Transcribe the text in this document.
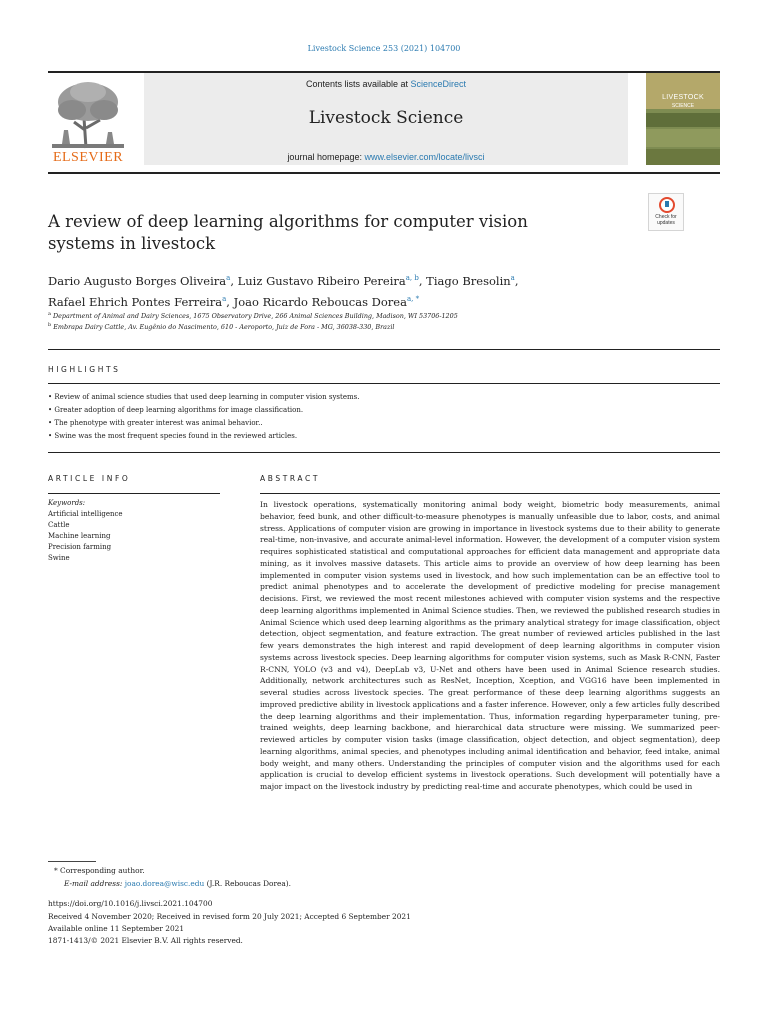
Livestock Science 253 (2021) 104700
ELSEVIER
Contents lists available at ScienceDirect
Livestock Science
journal homepage: www.elsevier.com/locate/livsci
LIVESTOCK
SCIENCE
A review of deep learning algorithms for computer vision systems in livestock
Check for updates
Dario Augusto Borges Oliveira$^a$, Luiz Gustavo Ribeiro Pereira$^{a, b}$, Tiago Bresolin$^a$,
Rafael Ehrich Pontes Ferreira$^a$, Joao Ricardo Reboucas Dorea$^{a, *}$
$^a$ Department of Animal and Dairy Sciences, 1675 Observatory Drive, 266 Animal Sciences Building, Madison, WI 53706-1205
$^b$ Embrapa Dairy Cattle, Av. Eugênio do Nascimento, 610 - Aeroporto, Juiz de Fora - MG, 36038-330, Brazil
HIGHLIGHTS
• Review of animal science studies that used deep learning in computer vision systems.
• Greater adoption of deep learning algorithms for image classification.
• The phenotype with greater interest was animal behavior..
• Swine was the most frequent species found in the reviewed articles.
ARTICLE INFO
Keywords:
Artificial intelligence
Cattle
Machine learning
Precision farming
Swine
ABSTRACT
In livestock operations, systematically monitoring animal body weight, biometric body measurements, animal behavior, feed bunk, and other difficult-to-measure phenotypes is manually unfeasible due to labor, costs, and animal stress. Applications of computer vision are growing in importance in livestock systems due to their ability to generate real-time, non-invasive, and accurate animal-level information. However, the development of a computer vision system requires sophisticated statistical and computational approaches for efficient data management and appropriate data mining, as it involves massive datasets. This article aims to provide an overview of how deep learning has been implemented in computer vision systems used in livestock, and how such implementation can be an effective tool to predict animal phenotypes and to accelerate the development of predictive modeling for precise management decisions. First, we reviewed the most recent milestones achieved with computer vision systems and the respective deep learning algorithms implemented in Animal Science studies. Then, we reviewed the published research studies in Animal Science which used deep learning algorithms as the primary analytical strategy for image classification, object detection, object segmentation, and feature extraction. The great number of reviewed articles published in the last few years demonstrates the high interest and rapid development of deep learning algorithms in computer vision systems across livestock species. Deep learning algorithms for computer vision systems, such as Mask R-CNN, Faster R-CNN, YOLO (v3 and v4), DeepLab v3, U-Net and others have been used in Animal Science research studies. Additionally, network architectures such as ResNet, Inception, Xception, and VGG16 have been implemented in several studies across livestock species. The great performance of these deep learning algorithms suggests an improved predictive ability in livestock applications and a faster inference. However, only a few articles fully described the deep learning algorithms and their implementation. Thus, information regarding hyperparameter tuning, pre-trained weights, deep learning backbone, and hierarchical data structure were missing. We summarized peer-reviewed articles by computer vision tasks (image classification, object detection, and object segmentation), deep learning algorithms, animal species, and phenotypes including animal identification and behavior, feed intake, animal body weight, and many others. Understanding the principles of computer vision and the algorithms used for each application is crucial to develop efficient systems in livestock operations. Such development will potentially have a major impact on the livestock industry by predicting real-time and accurate phenotypes, which could be used in
* Corresponding author.
E-mail address: joao.dorea@wisc.edu (J.R. Reboucas Dorea).
https://doi.org/10.1016/j.livsci.2021.104700
Received 4 November 2020; Received in revised form 20 July 2021; Accepted 6 September 2021
Available online 11 September 2021
1871-1413/© 2021 Elsevier B.V. All rights reserved.
